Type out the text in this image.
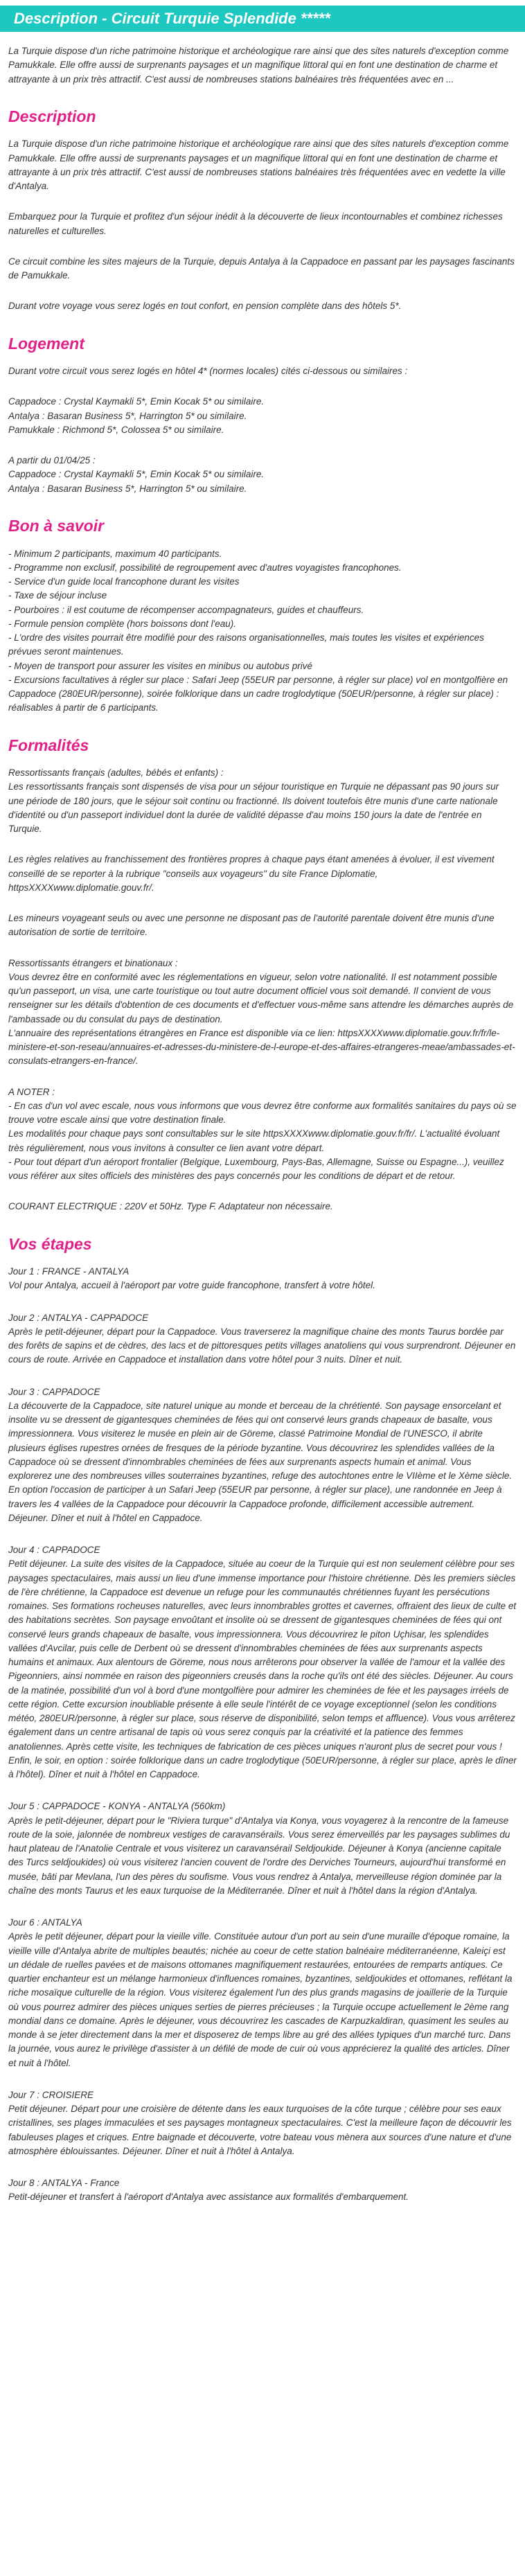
Description - Circuit Turquie Splendide *****

La Turquie dispose d'un riche patrimoine historique et archéologique rare ainsi que des sites naturels d'exception comme Pamukkale. Elle offre aussi de surprenants paysages et un magnifique littoral qui en font une destination de charme et attrayante à un prix très attractif. C'est aussi de nombreuses stations balnéaires très fréquentées avec en ...

Description

La Turquie dispose d'un riche patrimoine historique et archéologique rare ainsi que des sites naturels d'exception comme Pamukkale. Elle offre aussi de surprenants paysages et un magnifique littoral qui en font une destination de charme et attrayante à un prix très attractif. C'est aussi de nombreuses stations balnéaires très fréquentées avec en vedette la ville d'Antalya.

Embarquez pour la Turquie et profitez d'un séjour inédit à la découverte de lieux incontournables et combinez richesses naturelles et culturelles.

Ce circuit combine les sites majeurs de la Turquie, depuis Antalya à la Cappadoce en passant par les paysages fascinants de Pamukkale.

Durant votre voyage vous serez logés en tout confort, en pension complète dans des hôtels 5*.

Logement

Durant votre circuit vous serez logés en hôtel 4* (normes locales) cités ci-dessous ou similaires :

Cappadoce : Crystal Kaymakli 5*, Emin Kocak 5* ou similaire.
Antalya : Basaran Business 5*, Harrington 5* ou similaire.
Pamukkale : Richmond 5*, Colossea 5* ou similaire.
A partir du 01/04/25 :
Cappadoce : Crystal Kaymakli 5*, Emin Kocak 5* ou similaire.
Antalya : Basaran Business 5*, Harrington 5* ou similaire.
Bon à savoir
- Minimum 2 participants, maximum 40 participants.
- Programme non exclusif, possibilité de regroupement avec d'autres voyagistes francophones.
- Service d'un guide local francophone durant les visites
- Taxe de séjour incluse
- Pourboires : il est coutume de récompenser accompagnateurs, guides et chauffeurs.
- Formule pension complète (hors boissons dont l'eau).
- L'ordre des visites pourrait être modifié pour des raisons organisationnelles, mais toutes les visites et expériences prévues seront maintenues.
- Moyen de transport pour assurer les visites en minibus ou autobus privé
- Excursions facultatives à régler sur place : Safari Jeep (55EUR par personne, à régler sur place) vol en montgolfière en Cappadoce (280EUR/personne), soirée folklorique dans un cadre troglodytique (50EUR/personne, à régler sur place) : réalisables à partir de 6 participants.
Formalités
Ressortissants français (adultes, bébés et enfants) :
Les ressortissants français sont dispensés de visa pour un séjour touristique en Turquie ne dépassant pas 90 jours sur une période de 180 jours, que le séjour soit continu ou fractionné. Ils doivent toutefois être munis d'une carte nationale d'identité ou d'un passeport individuel dont la durée de validité dépasse d'au moins 150 jours la date de l'entrée en Turquie.

Les règles relatives au franchissement des frontières propres à chaque pays étant amenées à évoluer, il est vivement conseillé de se reporter à la rubrique "conseils aux voyageurs" du site France Diplomatie, httpsXXXXwww.diplomatie.gouv.fr/.

Les mineurs voyageant seuls ou avec une personne ne disposant pas de l'autorité parentale doivent être munis d'une autorisation de sortie de territoire.

Ressortissants étrangers et binationaux :
Vous devrez être en conformité avec les réglementations en vigueur, selon votre nationalité. Il est notamment possible qu'un passeport, un visa, une carte touristique ou tout autre document officiel vous soit demandé. Il convient de vous renseigner sur les détails d'obtention de ces documents et d'effectuer vous-même sans attendre les démarches auprès de l'ambassade ou du consulat du pays de destination.
L'annuaire des représentations étrangères en France est disponible via ce lien: httpsXXXXwww.diplomatie.gouv.fr/fr/le-ministere-et-son-reseau/annuaires-et-adresses-du-ministere-de-l-europe-et-des-affaires-etrangeres-meae/ambassades-et-consulats-etrangers-en-france/.
A NOTER :
- En cas d'un vol avec escale, nous vous informons que vous devrez être conforme aux formalités sanitaires du pays où se trouve votre escale ainsi que votre destination finale.
Les modalités pour chaque pays sont consultables sur le site httpsXXXXwww.diplomatie.gouv.fr/fr/. L'actualité évoluant très régulièrement, nous vous invitons à consulter ce lien avant votre départ.
- Pour tout départ d'un aéroport frontalier (Belgique, Luxembourg, Pays-Bas, Allemagne, Suisse ou Espagne...), veuillez vous référer aux sites officiels des ministères des pays concernés pour les conditions de départ et de retour.

COURANT ELECTRIQUE : 220V et 50Hz. Type F. Adaptateur non nécessaire.

Vos étapes
Jour 1 : FRANCE - ANTALYA
Vol pour Antalya, accueil à l'aéroport par votre guide francophone, transfert à votre hôtel.
Jour 2 : ANTALYA - CAPPADOCE
Après le petit-déjeuner, départ pour la Cappadoce. Vous traverserez la magnifique chaine des monts Taurus bordée par des forêts de sapins et de cèdres, des lacs et de pittoresques petits villages anatoliens qui vous surprendront. Déjeuner en cours de route. Arrivée en Cappadoce et installation dans votre hôtel pour 3 nuits. Dîner et nuit.
Jour 3 : CAPPADOCE
La découverte de la Cappadoce, site naturel unique au monde et berceau de la chrétienté. Son paysage ensorcelant et insolite vu se dressent de gigantesques cheminées de fées qui ont conservé leurs grands chapeaux de basalte, vous impressionnera. Vous visiterez le musée en plein air de Göreme, classé Patrimoine Mondial de l'UNESCO, il abrite plusieurs églises rupestres ornées de fresques de la période byzantine. Vous découvrirez les splendides vallées de la Cappadoce où se dressent d'innombrables cheminées de fées aux surprenants aspects humain et animal. Vous explorerez une des nombreuses villes souterraines byzantines, refuge des autochtones entre le VIIème et le Xème siècle. En option l'occasion de participer à un Safari Jeep (55EUR par personne, à régler sur place), une randonnée en Jeep à travers les 4 vallées de la Cappadoce pour découvrir la Cappadoce profonde, difficilement accessible autrement. Déjeuner. Dîner et nuit à l'hôtel en Cappadoce.
Jour 4 : CAPPADOCE
Petit déjeuner. La suite des visites de la Cappadoce, située au coeur de la Turquie qui est non seulement célèbre pour ses paysages spectaculaires, mais aussi un lieu d'une immense importance pour l'histoire chrétienne. Dès les premiers siècles de l'ère chrétienne, la Cappadoce est devenue un refuge pour les communautés chrétiennes fuyant les persécutions romaines. Ses formations rocheuses naturelles, avec leurs innombrables grottes et cavernes, offraient des lieux de culte et des habitations secrètes. Son paysage envoûtant et insolite où se dressent de gigantesques cheminées de fées qui ont conservé leurs grands chapeaux de basalte, vous impressionnera. Vous découvrirez le piton Uçhisar, les splendides vallées d'Avcilar, puis celle de Derbent où se dressent d'innombrables cheminées de fées aux surprenants aspects humains et animaux. Aux alentours de Göreme, nous nous arrêterons pour observer la vallée de l'amour et la vallée des Pigeonniers, ainsi nommée en raison des pigeonniers creusés dans la roche qu'ils ont été des siècles. Déjeuner. Au cours de la matinée, possibilité d'un vol à bord d'une montgolfière pour admirer les cheminées de fée et les paysages irréels de cette région. Cette excursion inoubliable présente à elle seule l'intérêt de ce voyage exceptionnel (selon les conditions météo, 280EUR/personne, à régler sur place, sous réserve de disponibilité, selon temps et affluence). Vous vous arrêterez également dans un centre artisanal de tapis où vous serez conquis par la créativité et la patience des femmes anatoliennes. Après cette visite, les techniques de fabrication de ces pièces uniques n'auront plus de secret pour vous ! Enfin, le soir, en option : soirée folklorique dans un cadre troglodytique (50EUR/personne, à régler sur place, après le dîner à l'hôtel). Dîner et nuit à l'hôtel en Cappadoce.
Jour 5 : CAPPADOCE - KONYA - ANTALYA (560km)
Après le petit-déjeuner, départ pour le "Riviera turque" d'Antalya via Konya, vous voyagerez à la rencontre de la fameuse route de la soie, jalonnée de nombreux vestiges de caravansérails. Vous serez émerveillés par les paysages sublimes du haut plateau de l'Anatolie Centrale et vous visiterez un caravansérail Seldjoukide. Déjeuner à Konya (ancienne capitale des Turcs seldjoukides) où vous visiterez l'ancien couvent de l'ordre des Derviches Tourneurs, aujourd'hui transformé en musée, bâti par Mevlana, l'un des pères du soufisme. Vous vous rendrez à Antalya, merveilleuse région dominée par la chaîne des monts Taurus et les eaux turquoise de la Méditerranée. Dîner et nuit à l'hôtel dans la région d'Antalya.
Jour 6 : ANTALYA
Après le petit déjeuner, départ pour la vieille ville. Constituée autour d'un port au sein d'une muraille d'époque romaine, la vieille ville d'Antalya abrite de multiples beautés; nichée au coeur de cette station balnéaire méditerranéenne, Kaleiçi est un dédale de ruelles pavées et de maisons ottomanes magnifiquement restaurées, entourées de remparts antiques. Ce quartier enchanteur est un mélange harmonieux d'influences romaines, byzantines, seldjoukides et ottomanes, reflétant la riche mosaïque culturelle de la région. Vous visiterez également l'un des plus grands magasins de joaillerie de la Turquie où vous pourrez admirer des pièces uniques serties de pierres précieuses ; la Turquie occupe actuellement le 2ème rang mondial dans ce domaine. Après le déjeuner, vous découvrirez les cascades de Karpuzkaldiran, quasiment les seules au monde à se jeter directement dans la mer et disposerez de temps libre au gré des allées typiques d'un marché turc. Dans la journée, vous aurez le privilège d'assister à un défilé de mode de cuir où vous apprécierez la qualité des articles. Dîner et nuit à l'hôtel.
Jour 7 : CROISIERE
Petit déjeuner. Départ pour une croisière de détente dans les eaux turquoises de la côte turque ; célèbre pour ses eaux cristallines, ses plages immaculées et ses paysages montagneux spectaculaires. C'est la meilleure façon de découvrir les fabuleuses plages et criques. Entre baignade et découverte, votre bateau vous mènera aux sources d'une nature et d'une atmosphère éblouissantes. Déjeuner. Dîner et nuit à l'hôtel à Antalya.
Jour 8 : ANTALYA - France
Petit-déjeuner et transfert à l'aéroport d'Antalya avec assistance aux formalités d'embarquement.
